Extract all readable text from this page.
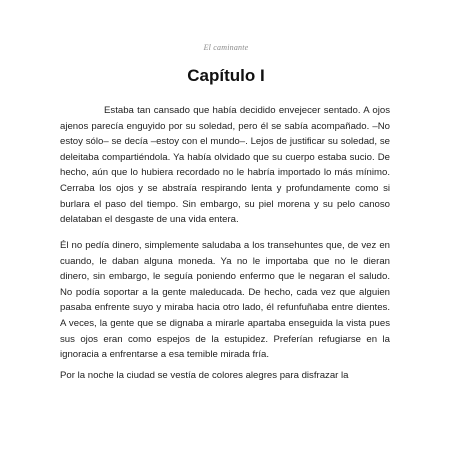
El caminante
Capítulo I

Estaba tan cansado que había decidido envejecer sentado. A ojos ajenos parecía enguyido por su soledad, pero él se sabía acompañado. –No estoy sólo– se decía –estoy con el mundo–. Lejos de justificar su soledad, se deleitaba compartiéndola. Ya había olvidado que su cuerpo estaba sucio. De hecho, aún que lo hubiera recordado no le habría importado lo más mínimo. Cerraba los ojos y se abstraía respirando lenta y profundamente como si burlara el paso del tiempo. Sin embargo, su piel morena y su pelo canoso delataban el desgaste de una vida entera.

Él no pedía dinero, simplemente saludaba a los transehuntes que, de vez en cuando, le daban alguna moneda. Ya no le importaba que no le dieran dinero, sin embargo, le seguía poniendo enfermo que le negaran el saludo. No podía soportar a la gente maleducada. De hecho, cada vez que alguien pasaba enfrente suyo y miraba hacia otro lado, él refunfuñaba entre dientes. A veces, la gente que se dignaba a mirarle apartaba enseguida la vista pues sus ojos eran como espejos de la estupidez. Preferían refugiarse en la ignoracia a enfrentarse a esa temible mirada fría.

Por la noche la ciudad se vestía de colores alegres para disfrazar la
